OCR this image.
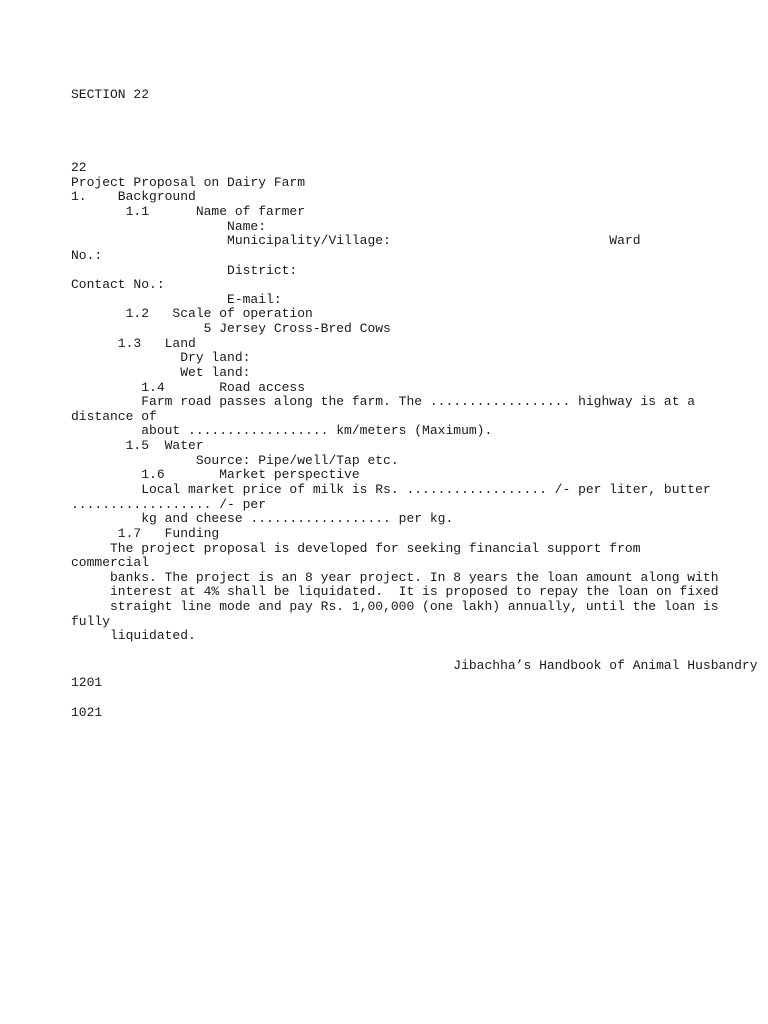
SECTION 22
22
Project Proposal on Dairy Farm
1.    Background
1.1      Name of farmer
Name:
Municipality/Village:                            Ward
No.:
District:
Contact No.:
E-mail:
1.2   Scale of operation
5 Jersey Cross-Bred Cows
1.3   Land
Dry land:
Wet land:
1.4       Road access
Farm road passes along the farm. The .................. highway is at a
distance of
about .................. km/meters (Maximum).
1.5  Water
Source: Pipe/well/Tap etc.
1.6       Market perspective
Local market price of milk is Rs. .................. /- per liter, butter
.................. /- per
kg and cheese .................. per kg.
1.7   Funding
The project proposal is developed for seeking financial support from
commercial
banks. The project is an 8 year project. In 8 years the loan amount along with
interest at 4% shall be liquidated.  It is proposed to repay the loan on fixed
straight line mode and pay Rs. 1,00,000 (one lakh) annually, until the loan is
fully
liquidated.
Jibachha’s Handbook of Animal Husbandry
1201
1021
